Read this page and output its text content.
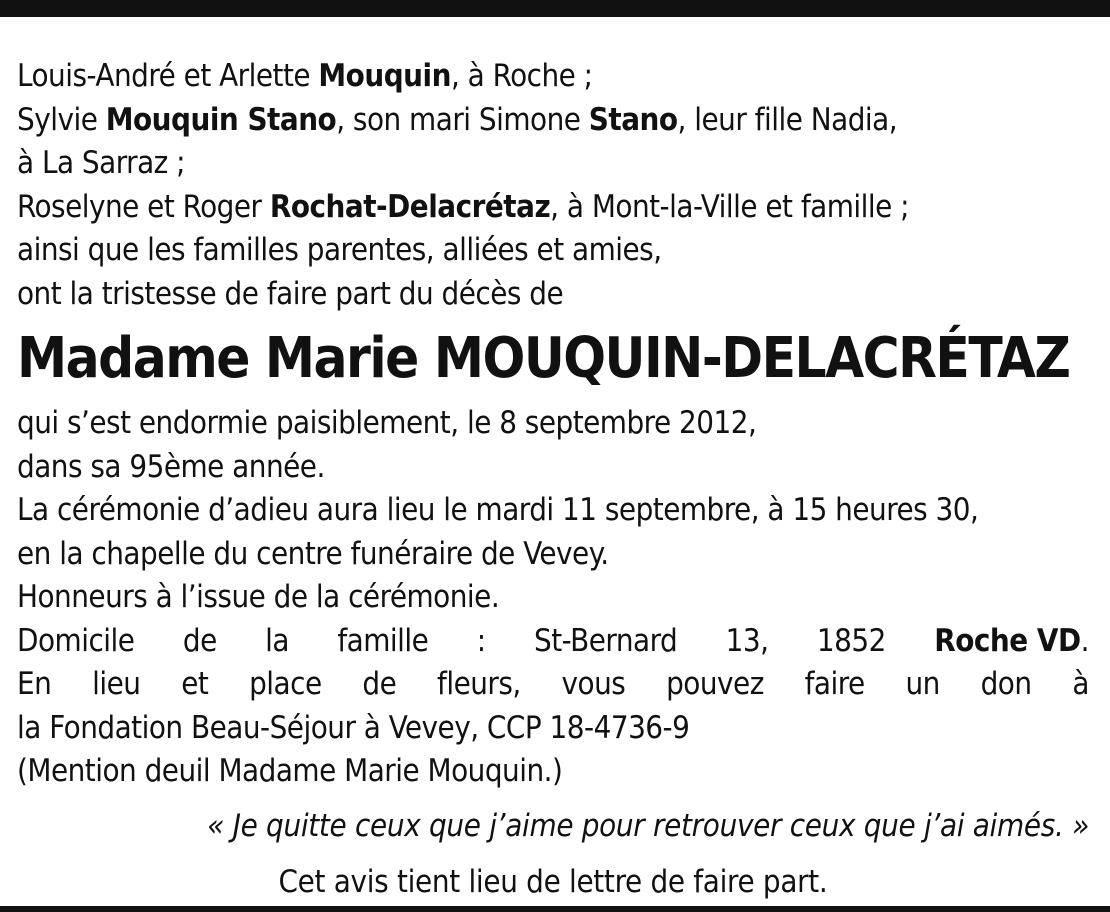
Louis-André et Arlette Mouquin, à Roche ;
Sylvie Mouquin Stano, son mari Simone Stano, leur fille Nadia,
à La Sarraz ;
Roselyne et Roger Rochat-Delacrétaz, à Mont-la-Ville et famille ;
ainsi que les familles parentes, alliées et amies,
ont la tristesse de faire part du décès de
Madame Marie MOUQUIN-DELACRÉTAZ
qui s’est endormie paisiblement, le 8 septembre 2012,
dans sa 95ème année.
La cérémonie d’adieu aura lieu le mardi 11 septembre, à 15 heures 30,
en la chapelle du centre funéraire de Vevey.
Honneurs à l’issue de la cérémonie.
Domicile de la famille : St-Bernard 13, 1852 Roche VD.
En lieu et place de fleurs, vous pouvez faire un don à
la Fondation Beau-Séjour à Vevey, CCP 18-4736-9
(Mention deuil Madame Marie Mouquin.)
« Je quitte ceux que j’aime pour retrouver ceux que j’ai aimés. »
Cet avis tient lieu de lettre de faire part.
